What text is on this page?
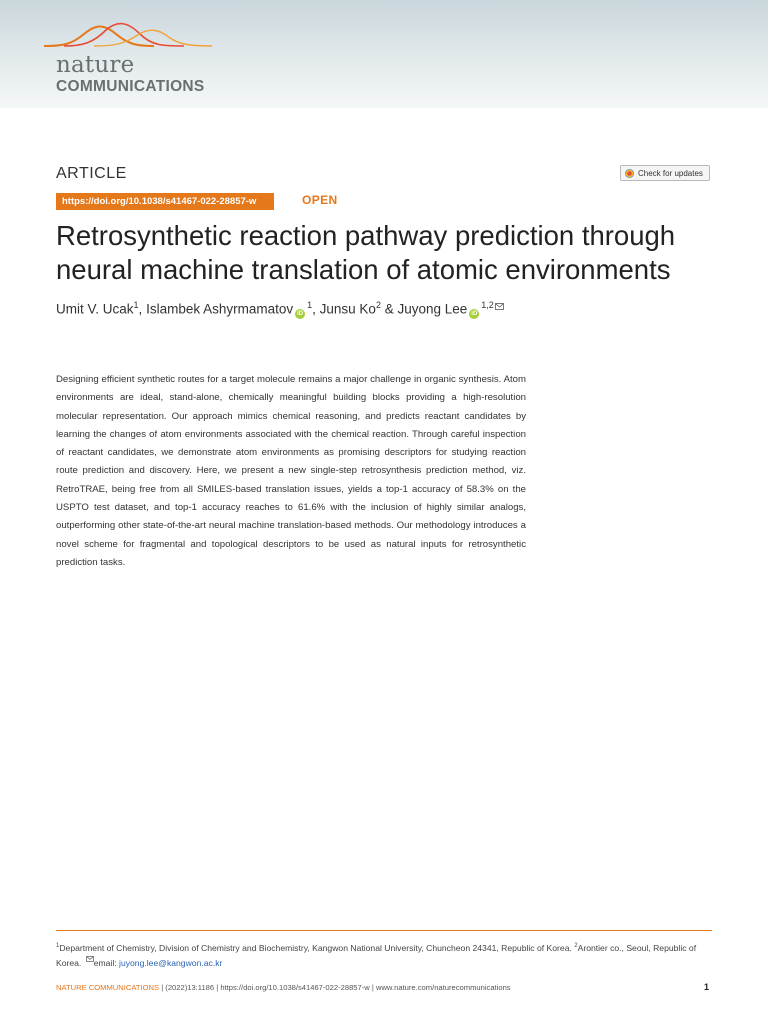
nature
COMMUNICATIONS
ARTICLE	Check for updates
https://doi.org/10.1038/s41467-022-28857-w	OPEN
Retrosynthetic reaction pathway prediction through neural machine translation of atomic environments
Umit V. Ucak$^1$, Islambek Ashyrmamatov $iD^1$, Junsu Ko$^2$ & Juyong Lee iD$^{1,2}$

Designing efficient synthetic routes for a target molecule remains a major challenge in organic synthesis. Atom environments are ideal, stand-alone, chemically meaningful building blocks providing a high-resolution molecular representation. Our approach mimics chemical reasoning, and predicts reactant candidates by learning the changes of atom environments associated with the chemical reaction. Through careful inspection of reactant candidates, we demonstrate atom environments as promising descriptors for studying reaction route prediction and discovery. Here, we present a new single-step retrosynthesis prediction method, viz. RetroTRAE, being free from all SMILES-based translation issues, yields a top-1 accuracy of 58.3% on the USPTO test dataset, and top-1 accuracy reaches to 61.6% with the inclusion of highly similar analogs, outperforming other state-of-the-art neural machine translation-based methods. Our methodology introduces a novel scheme for fragmental and topological descriptors to be used as natural inputs for retrosynthetic prediction tasks.

$^1$Department of Chemistry, Division of Chemistry and Biochemistry, Kangwon National University, Chuncheon 24341, Republic of Korea. $^2$Arontier co., Seoul, Republic of Korea. email: juyong.lee@kangwon.ac.kr
NATURE COMMUNICATIONS | (2022)13:1186 | https://doi.org/10.1038/s41467-022-28857-w | www.nature.com/naturecommunications	1
